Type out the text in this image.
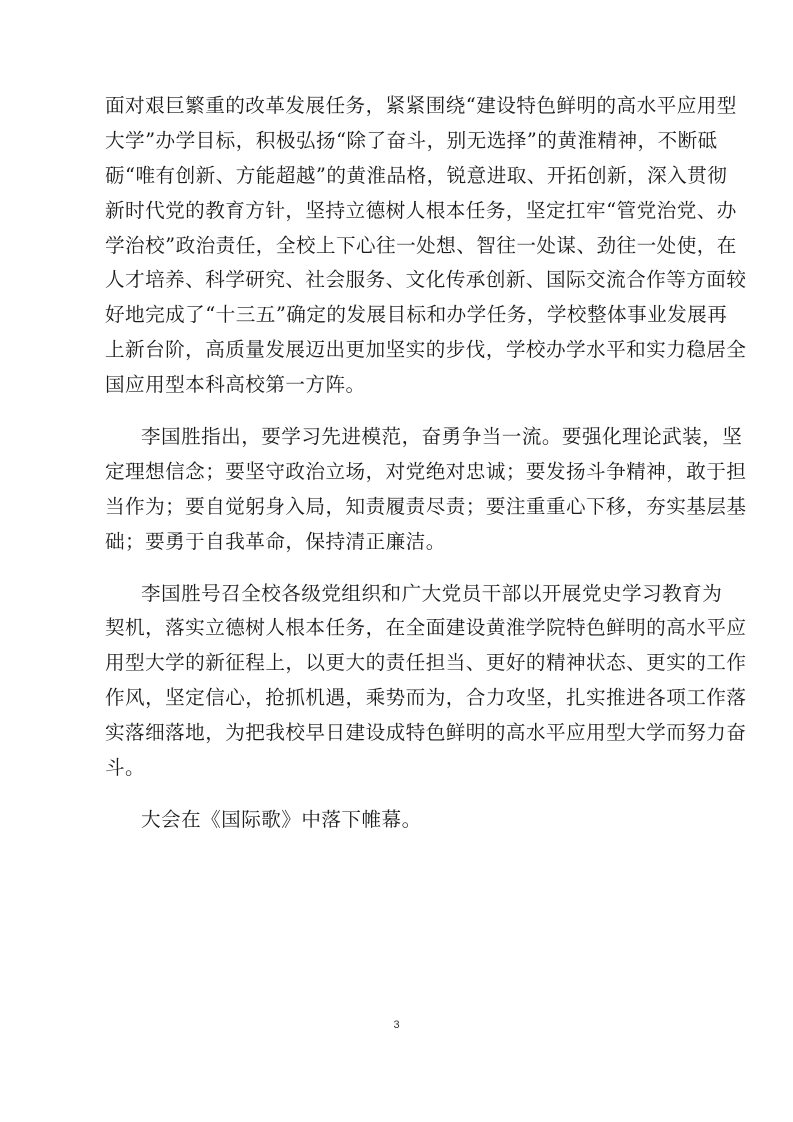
面对艰巨繁重的改革发展任务，紧紧围绕“建设特色鲜明的高水平应用型
大学”办学目标，积极弘扬“除了奋斗，别无选择”的黄淮精神，不断砥
砺“唯有创新、方能超越”的黄淮品格，锐意进取、开拓创新，深入贯彻
新时代党的教育方针，坚持立德树人根本任务，坚定扛牢“管党治党、办
学治校”政治责任，全校上下心往一处想、智往一处谋、劲往一处使，在
人才培养、科学研究、社会服务、文化传承创新、国际交流合作等方面较
好地完成了“十三五”确定的发展目标和办学任务，学校整体事业发展再
上新台阶，高质量发展迈出更加坚实的步伐，学校办学水平和实力稳居全
国应用型本科高校第一方阵。
李国胜指出，要学习先进模范，奋勇争当一流。要强化理论武装，坚
定理想信念；要坚守政治立场，对党绝对忠诚；要发扬斗争精神，敢于担
当作为；要自觉躬身入局，知责履责尽责；要注重重心下移，夯实基层基
础；要勇于自我革命，保持清正廉洁。
李国胜号召全校各级党组织和广大党员干部以开展党史学习教育为
契机，落实立德树人根本任务，在全面建设黄淮学院特色鲜明的高水平应
用型大学的新征程上，以更大的责任担当、更好的精神状态、更实的工作
作风，坚定信心，抢抓机遇，乘势而为，合力攻坚，扎实推进各项工作落
实落细落地，为把我校早日建设成特色鲜明的高水平应用型大学而努力奋
斗。
大会在《国际歌》中落下帷幕。
3
